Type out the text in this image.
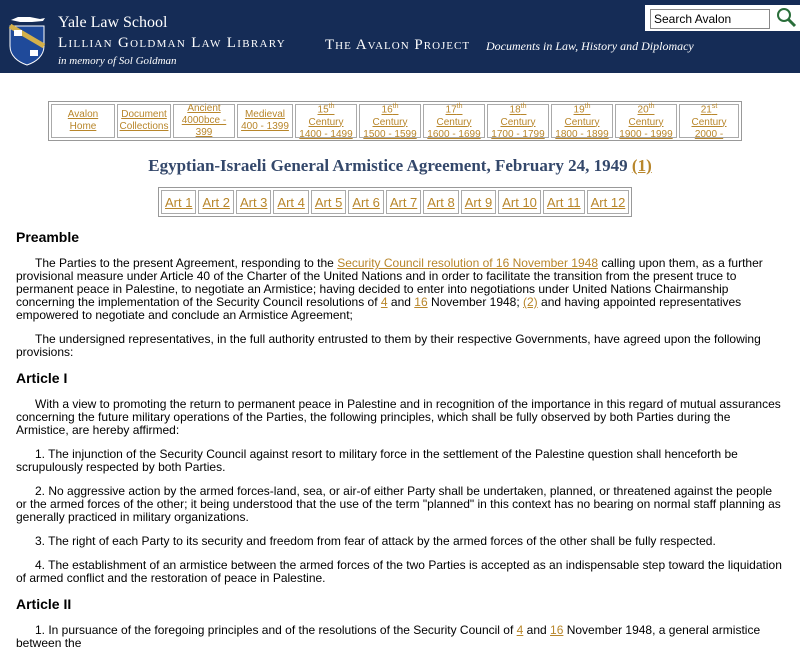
Yale Law School
Lillian Goldman Law Library
in memory of Sol Goldman
The Avalon Project Documents in Law, History and Diplomacy
Search Avalon
Avalon Home
Document
Collections
Ancient
4000bce - 399
Medieval
400 - 1399
15th Century
1400 - 1499
16th Century
1500 - 1599
17th Century
1600 - 1699
18th Century
1700 - 1799
19th Century
1800 - 1899
20th Century
1900 - 1999
21st Century
2000 -
Egyptian-Israeli General Armistice Agreement, February 24, 1949 (1)
Art 1 Art 2 Art 3 Art 4 Art 5 Art 6 Art 7 Art 8 Art 9 Art 10 Art 11 Art 12
Preamble

The Parties to the present Agreement, responding to the Security Council resolution of 16 November 1948 calling upon them, as a further provisional measure under Article 40 of the Charter of the United Nations and in order to facilitate the transition from the present truce to permanent peace in Palestine, to negotiate an Armistice; having decided to enter into negotiations under United Nations Chairmanship concerning the implementation of the Security Council resolutions of 4 and 16 November 1948; (2) and having appointed representatives empowered to negotiate and conclude an Armistice Agreement;

The undersigned representatives, in the full authority entrusted to them by their respective Governments, have agreed upon the following provisions:

Article I

With a view to promoting the return to permanent peace in Palestine and in recognition of the importance in this regard of mutual assurances concerning the future military operations of the Parties, the following principles, which shall be fully observed by both Parties during the Armistice, are hereby affirmed:

1. The injunction of the Security Council against resort to military force in the settlement of the Palestine question shall henceforth be scrupulously respected by both Parties.

2. No aggressive action by the armed forces-land, sea, or air-of either Party shall be undertaken, planned, or threatened against the people or the armed forces of the other; it being understood that the use of the term "planned" in this context has no bearing on normal staff planning as generally practiced in military organizations.

3. The right of each Party to its security and freedom from fear of attack by the armed forces of the other shall be fully respected.

4. The establishment of an armistice between the armed forces of the two Parties is accepted as an indispensable step toward the liquidation of armed conflict and the restoration of peace in Palestine.

Article II

1. In pursuance of the foregoing principles and of the resolutions of the Security Council of 4 and 16 November 1948, a general armistice between the
